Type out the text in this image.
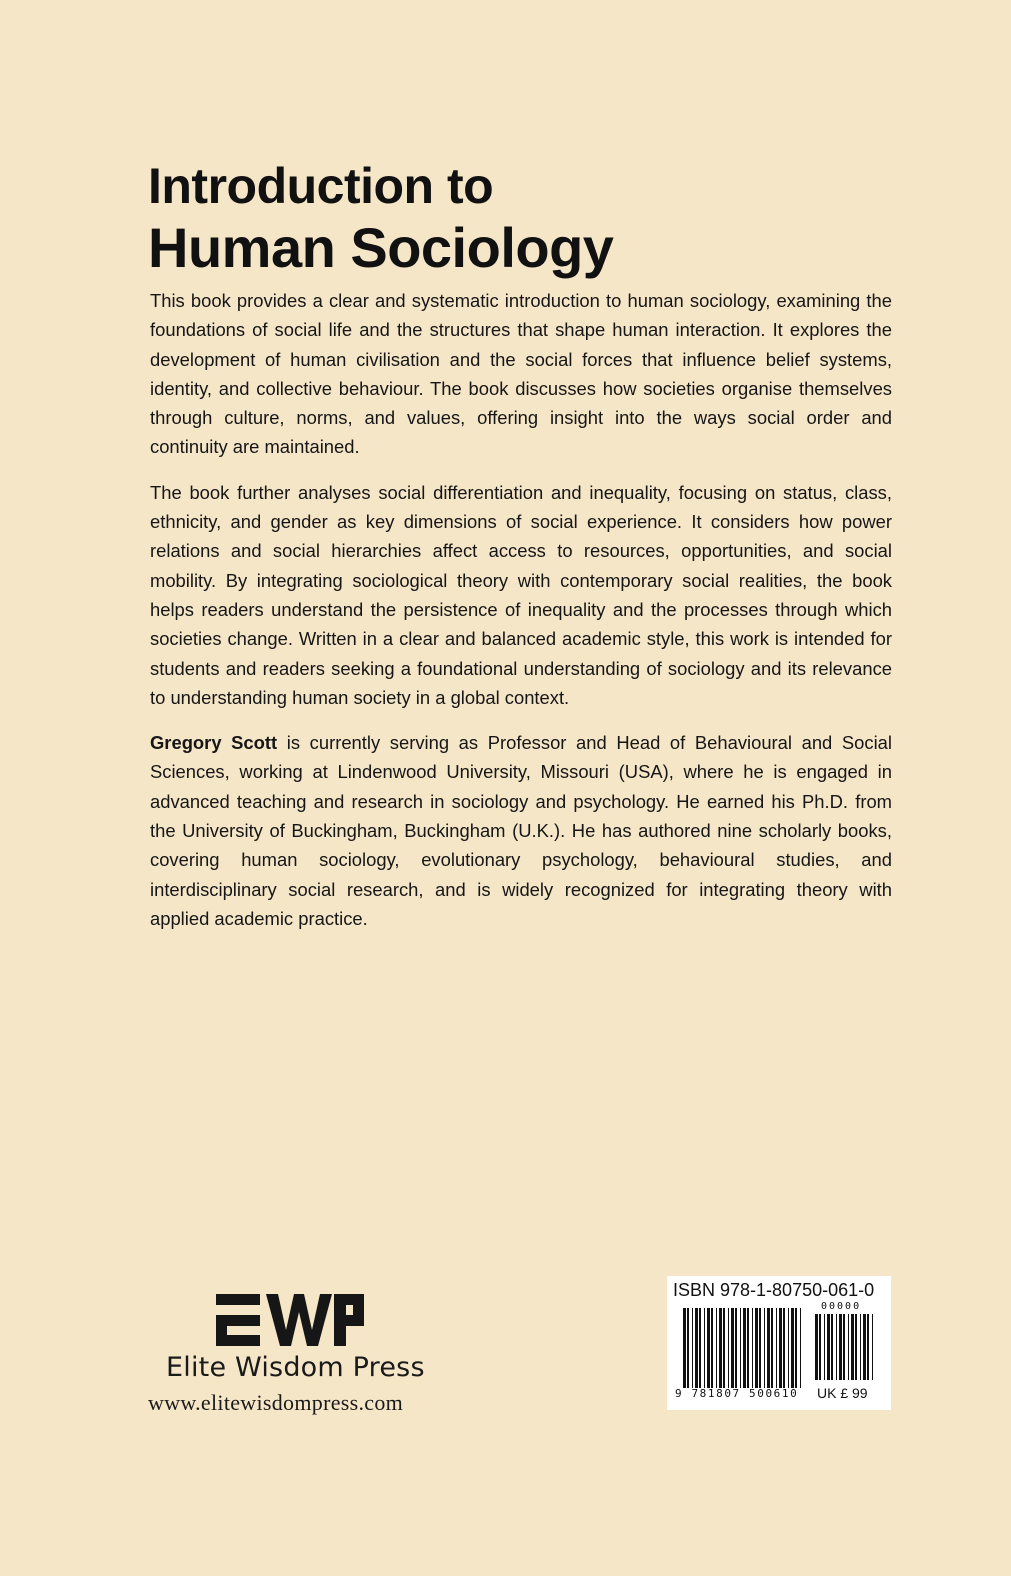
Introduction to
Human Sociology

This book provides a clear and systematic introduction to human sociology, examining the foundations of social life and the structures that shape human interaction. It explores the development of human civilisation and the social forces that influence belief systems, identity, and collective behaviour. The book discusses how societies organise themselves through culture, norms, and values, offering insight into the ways social order and continuity are maintained.

The book further analyses social differentiation and inequality, focusing on status, class, ethnicity, and gender as key dimensions of social experience. It considers how power relations and social hierarchies affect access to resources, opportunities, and social mobility. By integrating sociological theory with contemporary social realities, the book helps readers understand the persistence of inequality and the processes through which societies change. Written in a clear and balanced academic style, this work is intended for students and readers seeking a foundational understanding of sociology and its relevance to understanding human society in a global context.

Gregory Scott is currently serving as Professor and Head of Behavioural and Social Sciences, working at Lindenwood University, Missouri (USA), where he is engaged in advanced teaching and research in sociology and psychology. He earned his Ph.D. from the University of Buckingham, Buckingham (U.K.). He has authored nine scholarly books, covering human sociology, evolutionary psychology, behavioural studies, and interdisciplinary social research, and is widely recognized for integrating theory with applied academic practice.

Elite Wisdom Press
www.elitewisdompress.com
ISBN 978-1-80750-061-0
00000
9 781807 500610 UK £ 99
